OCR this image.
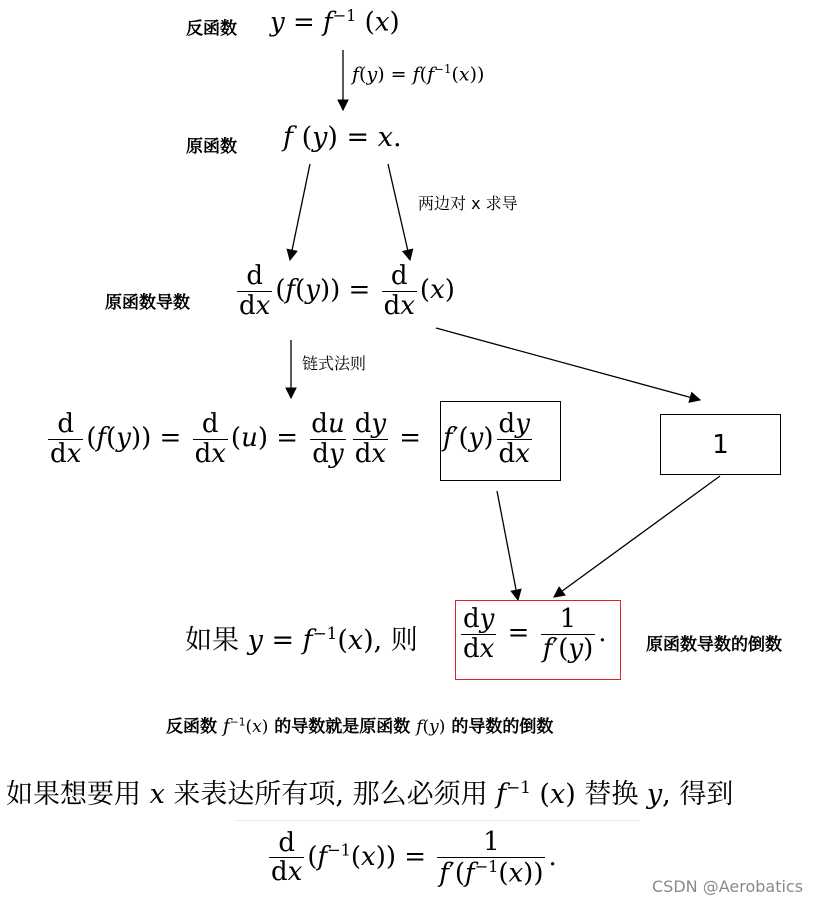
反函数 $y = f^{-1}$ (x)
$f(y) = f(f^{-1}(x))$
原函数 f (y) = x.
两边对 x 求导
原函数导数 $\frac{d}{dx} (f(y)) = \frac{d}{dx} (x)$
链式法则
$\frac{d}{dx} (f(y)) = \frac{d}{dx} (u) = \frac{du}{dy} \frac{dy}{dx} = f'(y) \frac{dy}{dx}$	1
如果 $y = f^{-1}(x)$, 则 $\frac{dy}{dx} = \frac{1}{f'(y)}$ . 原函数导数的倒数
反函数 $f^{-1}(x)$ 的导数就是原函数 f(y) 的导数的倒数
如果想要用 x 来表达所有项, 那么必须用 $f^{-1}$ (x) 替换 y, 得到
$\frac{d}{dx} (f^{-1}(x)) = \frac{1}{f'(f^{-1}(x))}$ .
CSDN @Aerobatics
